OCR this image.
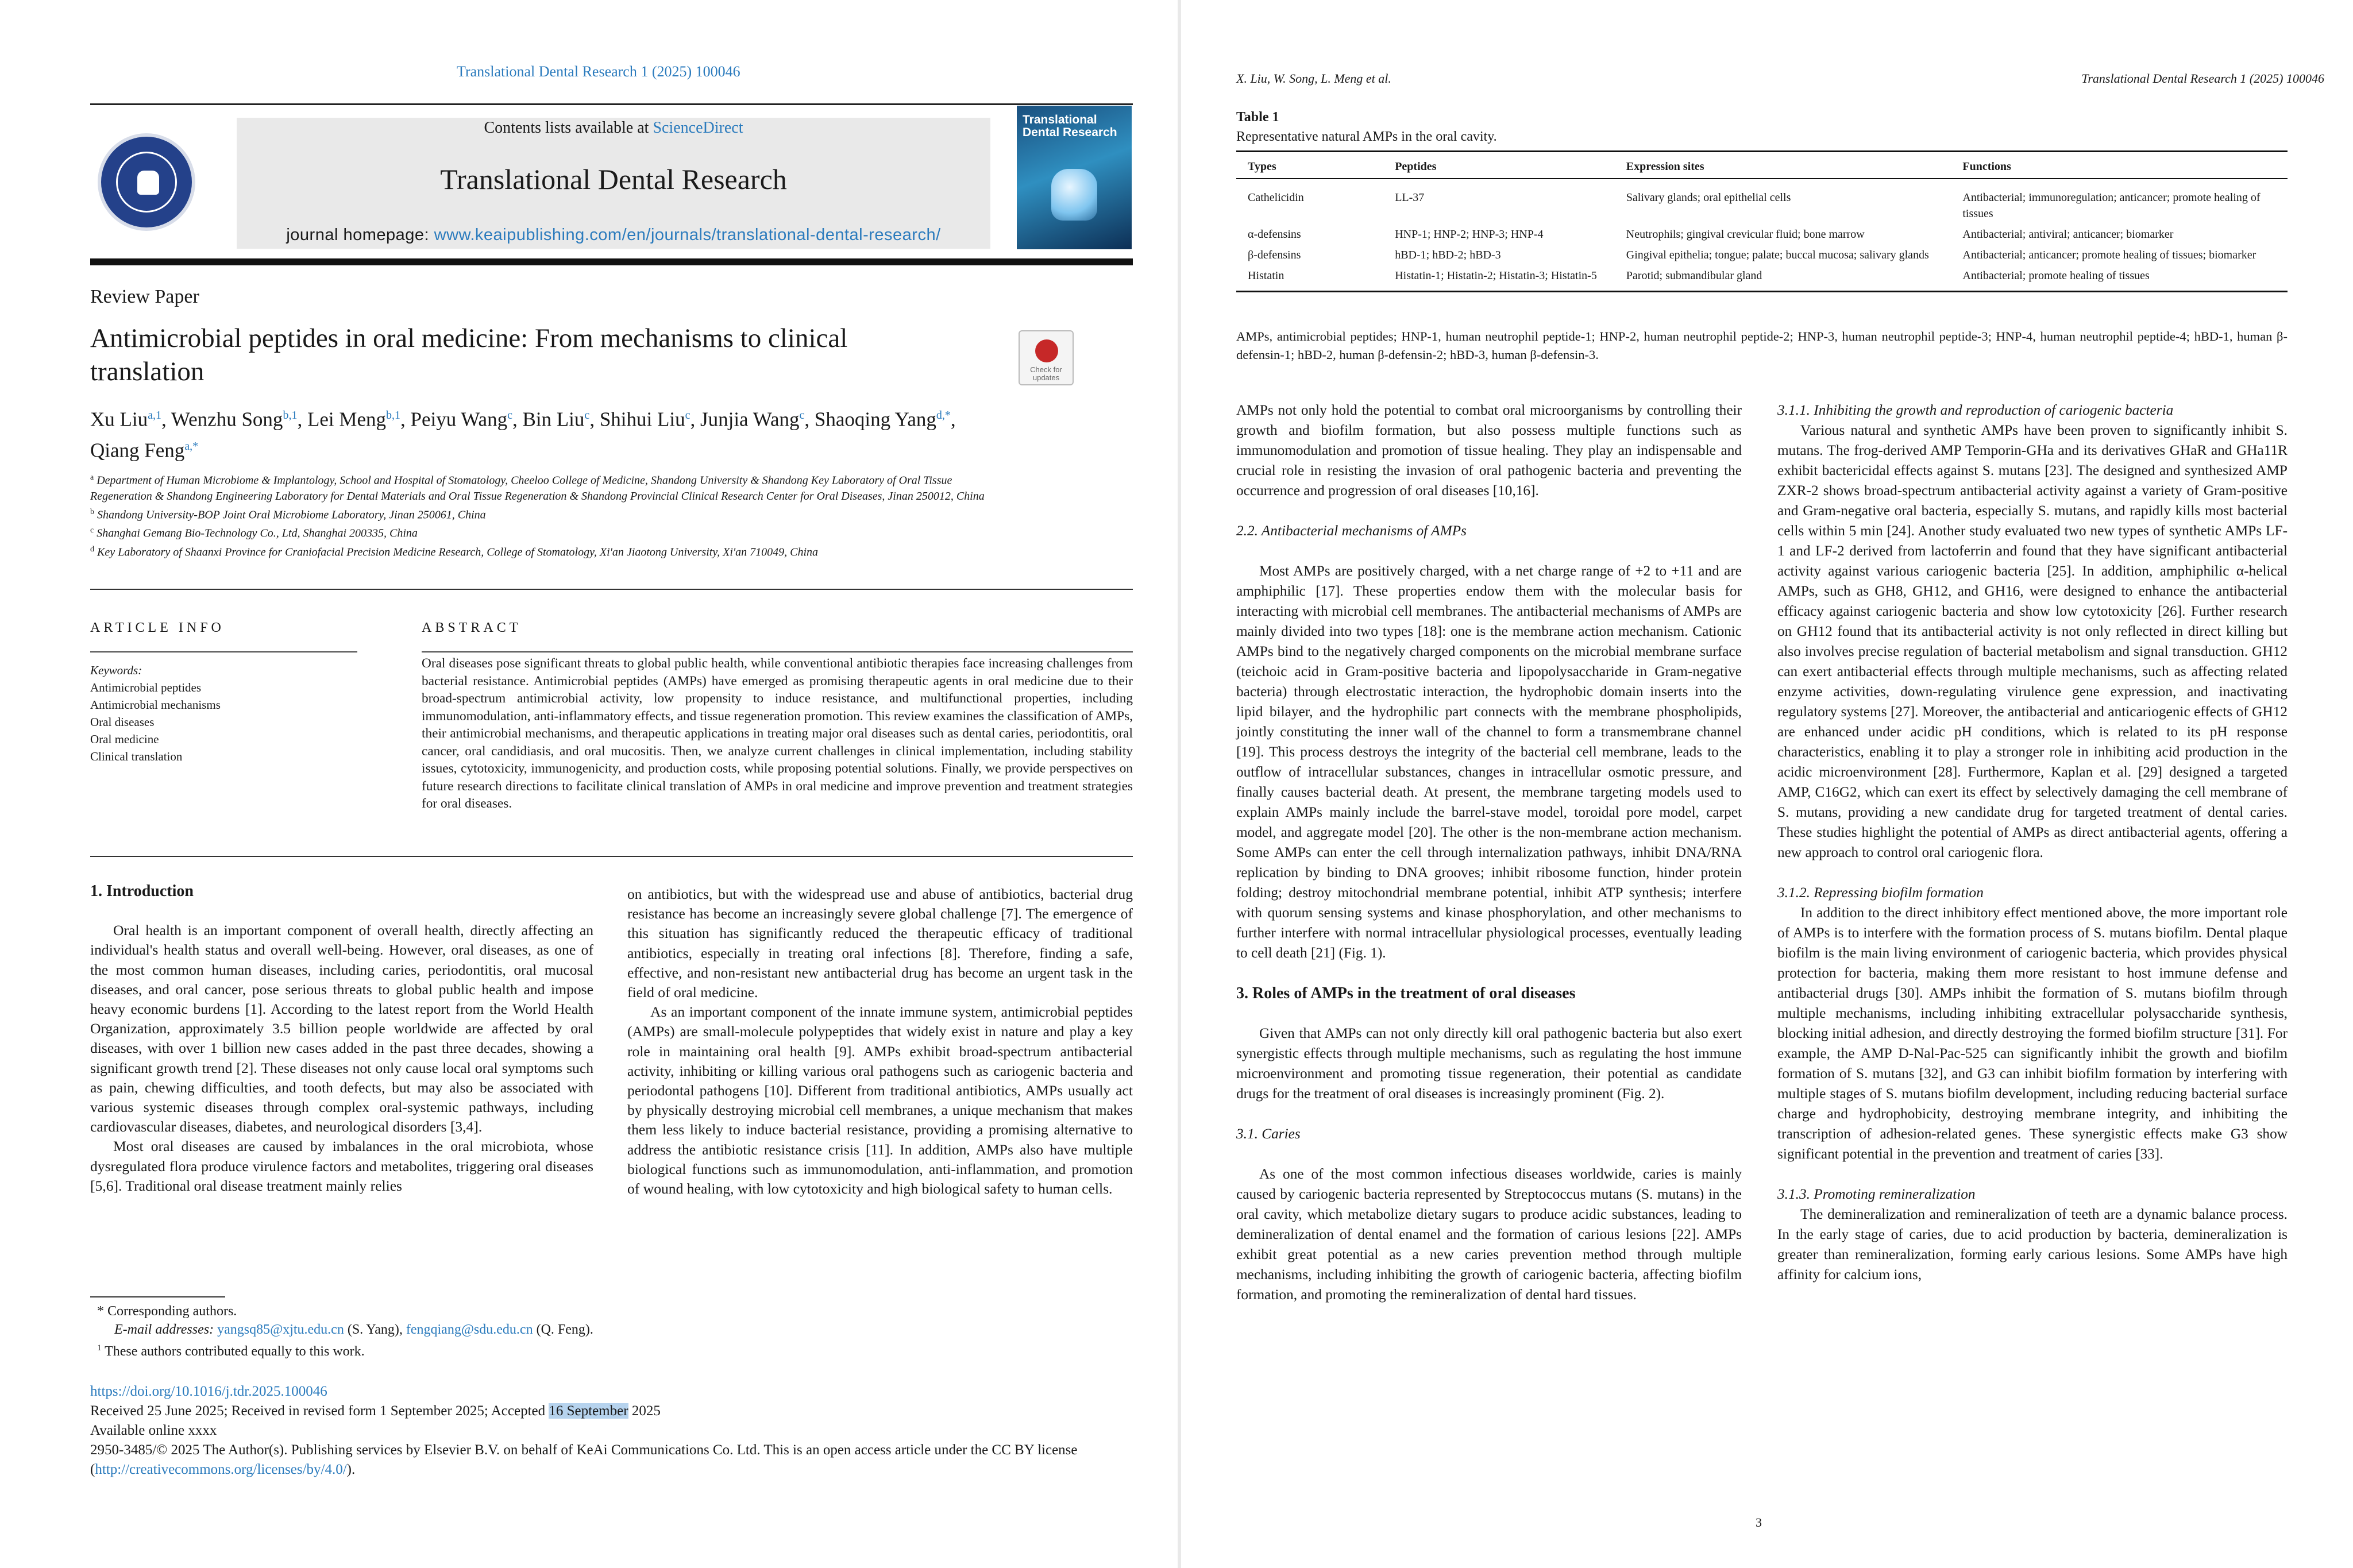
Translational Dental Research 1 (2025) 100046
Contents lists available at ScienceDirect
Translational Dental Research
journal homepage: www.keaipublishing.com/en/journals/translational-dental-research/
Translational
Dental Research
Review Paper
Antimicrobial peptides in oral medicine: From mechanisms to clinical translation	Check for updates
Xu Liu$^{a,1}$, Wenzhu Song$^{b,1}$, Lei Meng$^{b,1}$, Peiyu Wang$^c$, Bin Liu$^c$, Shihui Liu$^c$, Junjia Wang$^c$, Shaoqing Yang$^{d,*}$, Qiang Feng$^{a,*}$
$^a$ Department of Human Microbiome & Implantology, School and Hospital of Stomatology, Cheeloo College of Medicine, Shandong University & Shandong Key Laboratory of Oral Tissue Regeneration & Shandong Engineering Laboratory for Dental Materials and Oral Tissue Regeneration & Shandong Provincial Clinical Research Center for Oral Diseases, Jinan 250012, China
$^b$ Shandong University-BOP Joint Oral Microbiome Laboratory, Jinan 250061, China
$^c$ Shanghai Gemang Bio-Technology Co., Ltd, Shanghai 200335, China
$^d$ Key Laboratory of Shaanxi Province for Craniofacial Precision Medicine Research, College of Stomatology, Xi'an Jiaotong University, Xi'an 710049, China
ARTICLE INFO
Keywords:
Antimicrobial peptides
Antimicrobial mechanisms
Oral diseases
Oral medicine
Clinical translation
ABSTRACT
Oral diseases pose significant threats to global public health, while conventional antibiotic therapies face increasing challenges from bacterial resistance. Antimicrobial peptides (AMPs) have emerged as promising therapeutic agents in oral medicine due to their broad-spectrum antimicrobial activity, low propensity to induce resistance, and multifunctional properties, including immunomodulation, anti-inflammatory effects, and tissue regeneration promotion. This review examines the classification of AMPs, their antimicrobial mechanisms, and therapeutic applications in treating major oral diseases such as dental caries, periodontitis, oral cancer, oral candidiasis, and oral mucositis. Then, we analyze current challenges in clinical implementation, including stability issues, cytotoxicity, immunogenicity, and production costs, while proposing potential solutions. Finally, we provide perspectives on future research directions to facilitate clinical translation of AMPs in oral medicine and improve prevention and treatment strategies for oral diseases.
1. Introduction

Oral health is an important component of overall health, directly affecting an individual's health status and overall well-being. However, oral diseases, as one of the most common human diseases, including caries, periodontitis, oral mucosal diseases, and oral cancer, pose serious threats to global public health and impose heavy economic burdens [1]. According to the latest report from the World Health Organization, approximately 3.5 billion people worldwide are affected by oral diseases, with over 1 billion new cases added in the past three decades, showing a significant growth trend [2]. These diseases not only cause local oral symptoms such as pain, chewing difficulties, and tooth defects, but may also be associated with various systemic diseases through complex oral-systemic pathways, including cardiovascular diseases, diabetes, and neurological disorders [3,4].

Most oral diseases are caused by imbalances in the oral microbiota, whose dysregulated flora produce virulence factors and metabolites, triggering oral diseases [5,6]. Traditional oral disease treatment mainly relies

on antibiotics, but with the widespread use and abuse of antibiotics, bacterial drug resistance has become an increasingly severe global challenge [7]. The emergence of this situation has significantly reduced the therapeutic efficacy of traditional antibiotics, especially in treating oral infections [8]. Therefore, finding a safe, effective, and non-resistant new antibacterial drug has become an urgent task in the field of oral medicine.

As an important component of the innate immune system, antimicrobial peptides (AMPs) are small-molecule polypeptides that widely exist in nature and play a key role in maintaining oral health [9]. AMPs exhibit broad-spectrum antibacterial activity, inhibiting or killing various oral pathogens such as cariogenic bacteria and periodontal pathogens [10]. Different from traditional antibiotics, AMPs usually act by physically destroying microbial cell membranes, a unique mechanism that makes them less likely to induce bacterial resistance, providing a promising alternative to address the antibiotic resistance crisis [11]. In addition, AMPs also have multiple biological functions such as immunomodulation, anti-inflammation, and promotion of wound healing, with low cytotoxicity and high biological safety to human cells.

* Corresponding authors.
E-mail addresses: yangsq85@xjtu.edu.cn (S. Yang), fengqiang@sdu.edu.cn (Q. Feng).
$^1$ These authors contributed equally to this work.
https://doi.org/10.1016/j.tdr.2025.100046
Received 25 June 2025; Received in revised form 1 September 2025; Accepted 16 September 2025
Available online xxxx
2950-3485/© 2025 The Author(s). Publishing services by Elsevier B.V. on behalf of KeAi Communications Co. Ltd. This is an open access article under the CC BY license (http://creativecommons.org/licenses/by/4.0/).
X. Liu, W. Song, L. Meng et al.	Translational Dental Research 1 (2025) 100046
Table 1
Representative natural AMPs in the oral cavity.
Types	Peptides	Expression sites	Functions
Cathelicidin	LL-37	Salivary glands; oral epithelial cells	Antibacterial; immunoregulation; anticancer; promote healing of tissues
α-defensins	HNP-1; HNP-2; HNP-3; HNP-4	Neutrophils; gingival crevicular fluid; bone marrow	Antibacterial; antiviral; anticancer; biomarker
β-defensins	hBD-1; hBD-2; hBD-3	Gingival epithelia; tongue; palate; buccal mucosa; salivary glands	Antibacterial; anticancer; promote healing of tissues; biomarker
Histatin	Histatin-1; Histatin-2; Histatin-3; Histatin-5	Parotid; submandibular gland	Antibacterial; promote healing of tissues
AMPs, antimicrobial peptides; HNP-1, human neutrophil peptide-1; HNP-2, human neutrophil peptide-2; HNP-3, human neutrophil peptide-3; HNP-4, human neutrophil peptide-4; hBD-1, human β-defensin-1; hBD-2, human β-defensin-2; hBD-3, human β-defensin-3.

AMPs not only hold the potential to combat oral microorganisms by controlling their growth and biofilm formation, but also possess multiple functions such as immunomodulation and promotion of tissue healing. They play an indispensable and crucial role in resisting the invasion of oral pathogenic bacteria and preventing the occurrence and progression of oral diseases [10,16].

2.2. Antibacterial mechanisms of AMPs

Most AMPs are positively charged, with a net charge range of +2 to +11 and are amphiphilic [17]. These properties endow them with the molecular basis for interacting with microbial cell membranes. The antibacterial mechanisms of AMPs are mainly divided into two types [18]: one is the membrane action mechanism. Cationic AMPs bind to the negatively charged components on the microbial membrane surface (teichoic acid in Gram-positive bacteria and lipopolysaccharide in Gram-negative bacteria) through electrostatic interaction, the hydrophobic domain inserts into the lipid bilayer, and the hydrophilic part connects with the membrane phospholipids, jointly constituting the inner wall of the channel to form a transmembrane channel [19]. This process destroys the integrity of the bacterial cell membrane, leads to the outflow of intracellular substances, changes in intracellular osmotic pressure, and finally causes bacterial death. At present, the membrane targeting models used to explain AMPs mainly include the barrel-stave model, toroidal pore model, carpet model, and aggregate model [20]. The other is the non-membrane action mechanism. Some AMPs can enter the cell through internalization pathways, inhibit DNA/RNA replication by binding to DNA grooves; inhibit ribosome function, hinder protein folding; destroy mitochondrial membrane potential, inhibit ATP synthesis; interfere with quorum sensing systems and kinase phosphorylation, and other mechanisms to further interfere with normal intracellular physiological processes, eventually leading to cell death [21] (Fig. 1).

3. Roles of AMPs in the treatment of oral diseases

Given that AMPs can not only directly kill oral pathogenic bacteria but also exert synergistic effects through multiple mechanisms, such as regulating the host immune microenvironment and promoting tissue regeneration, their potential as candidate drugs for the treatment of oral diseases is increasingly prominent (Fig. 2).

3.1. Caries

As one of the most common infectious diseases worldwide, caries is mainly caused by cariogenic bacteria represented by Streptococcus mutans (S. mutans) in the oral cavity, which metabolize dietary sugars to produce acidic substances, leading to demineralization of dental enamel and the formation of carious lesions [22]. AMPs exhibit great potential as a new caries prevention method through multiple mechanisms, including inhibiting the growth of cariogenic bacteria, affecting biofilm formation, and promoting the remineralization of dental hard tissues.

3.1.1. Inhibiting the growth and reproduction of cariogenic bacteria

Various natural and synthetic AMPs have been proven to significantly inhibit S. mutans. The frog-derived AMP Temporin-GHa and its derivatives GHaR and GHa11R exhibit bactericidal effects against S. mutans [23]. The designed and synthesized AMP ZXR-2 shows broad-spectrum antibacterial activity against a variety of Gram-positive and Gram-negative oral bacteria, especially S. mutans, and rapidly kills most bacterial cells within 5 min [24]. Another study evaluated two new types of synthetic AMPs LF-1 and LF-2 derived from lactoferrin and found that they have significant antibacterial activity against various cariogenic bacteria [25]. In addition, amphiphilic α-helical AMPs, such as GH8, GH12, and GH16, were designed to enhance the antibacterial efficacy against cariogenic bacteria and show low cytotoxicity [26]. Further research on GH12 found that its antibacterial activity is not only reflected in direct killing but also involves precise regulation of bacterial metabolism and signal transduction. GH12 can exert antibacterial effects through multiple mechanisms, such as affecting related enzyme activities, down-regulating virulence gene expression, and inactivating regulatory systems [27]. Moreover, the antibacterial and anticariogenic effects of GH12 are enhanced under acidic pH conditions, which is related to its pH response characteristics, enabling it to play a stronger role in inhibiting acid production in the acidic microenvironment [28]. Furthermore, Kaplan et al. [29] designed a targeted AMP, C16G2, which can exert its effect by selectively damaging the cell membrane of S. mutans, providing a new candidate drug for targeted treatment of dental caries. These studies highlight the potential of AMPs as direct antibacterial agents, offering a new approach to control oral cariogenic flora.

3.1.2. Repressing biofilm formation

In addition to the direct inhibitory effect mentioned above, the more important role of AMPs is to interfere with the formation process of S. mutans biofilm. Dental plaque biofilm is the main living environment of cariogenic bacteria, which provides physical protection for bacteria, making them more resistant to host immune defense and antibacterial drugs [30]. AMPs inhibit the formation of S. mutans biofilm through multiple mechanisms, including inhibiting extracellular polysaccharide synthesis, blocking initial adhesion, and directly destroying the formed biofilm structure [31]. For example, the AMP D-Nal-Pac-525 can significantly inhibit the growth and biofilm formation of S. mutans [32], and G3 can inhibit biofilm formation by interfering with multiple stages of S. mutans biofilm development, including reducing bacterial surface charge and hydrophobicity, destroying membrane integrity, and inhibiting the transcription of adhesion-related genes. These synergistic effects make G3 show significant potential in the prevention and treatment of caries [33].

3.1.3. Promoting remineralization

The demineralization and remineralization of teeth are a dynamic balance process. In the early stage of caries, due to acid production by bacteria, demineralization is greater than remineralization, forming early carious lesions. Some AMPs have high affinity for calcium ions,

3
